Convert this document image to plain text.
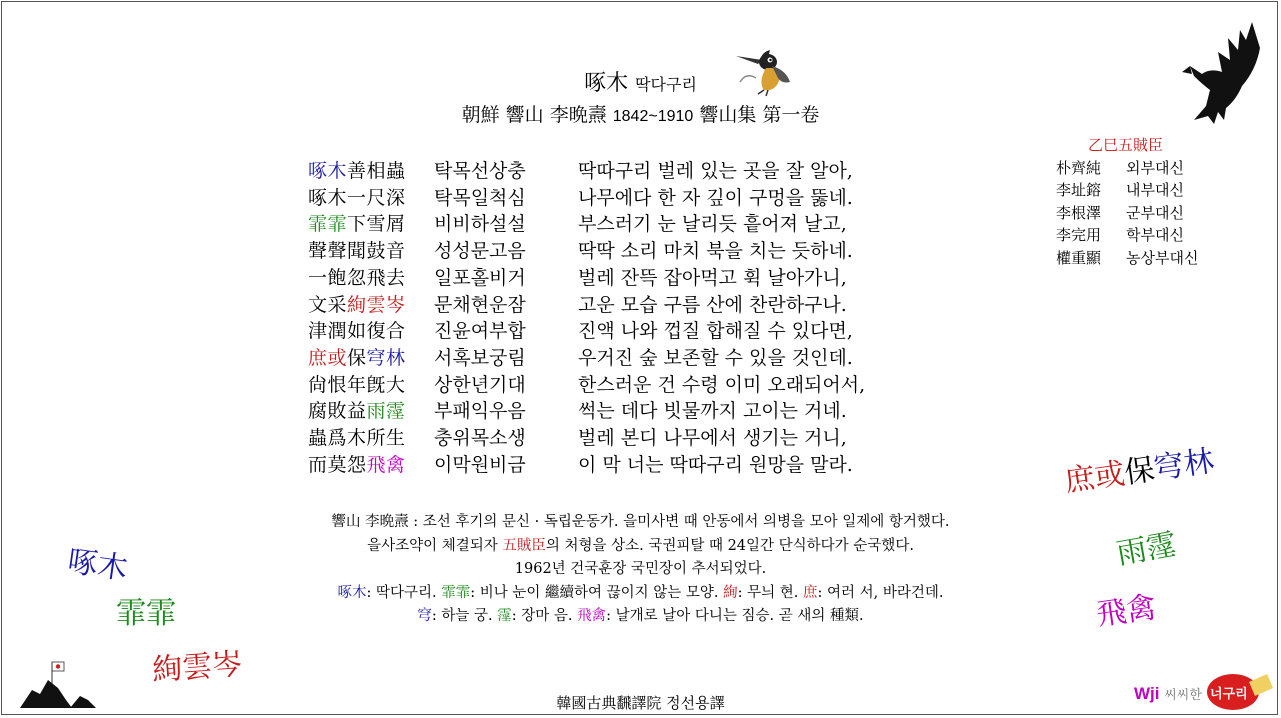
啄木 딱다구리
朝鮮 響山 李晩燾 1842~1910 響山集 第一卷
啄木善相蟲	탁목선상충	딱따구리 벌레 있는 곳을 잘 알아,
啄木一尺深	탁목일척심	나무에다 한 자 깊이 구멍을 뚫네.
霏霏下雪屑	비비하설설	부스러기 눈 날리듯 흩어져 날고,
聲聲聞鼓音	성성문고음	딱딱 소리 마치 북을 치는 듯하네.
一飽忽飛去	일포홀비거	벌레 잔뜩 잡아먹고 휙 날아가니,
文采絢雲岑	문채현운잠	고운 모습 구름 산에 찬란하구나.
津潤如復合	진윤여부합	진액 나와 껍질 합해질 수 있다면,
庶或保穹林	서혹보궁림	우거진 숲 보존할 수 있을 것인데.
尙恨年旣大	상한년기대	한스러운 건 수령 이미 오래되어서,
腐敗益雨霪	부패익우음	썩는 데다 빗물까지 고이는 거네.
蟲爲木所生	충위목소생	벌레 본디 나무에서 생기는 거니,
而莫怨飛禽	이막원비금	이 막 너는 딱따구리 원망을 말라.
響山 李晩燾 : 조선 후기의 문신 · 독립운동가. 을미사변 때 안동에서 의병을 모아 일제에 항거했다.
을사조약이 체결되자 五賊臣의 처형을 상소. 국권피탈 때 24일간 단식하다가 순국했다.
1962년 건국훈장 국민장이 추서되었다.
啄木: 딱다구리. 霏霏: 비나 눈이 繼續하여 끊이지 않는 모양. 絢: 무늬 현. 庶: 여러 서, 바라건데.
穹: 하늘 궁. 霪: 장마 음. 飛禽: 날개로 날아 다니는 짐승. 곧 새의 種類.
乙巳五賊臣
朴齊純 외부대신
李址鎔 내부대신
李根澤 군부대신
李完用 학부대신
權重顯 농상부대신
啄木
霏霏
絢雲岑
庶或保穹林
雨霪
飛禽
韓國古典飜譯院 정선용譯	Wji 씨씨한 너구리
